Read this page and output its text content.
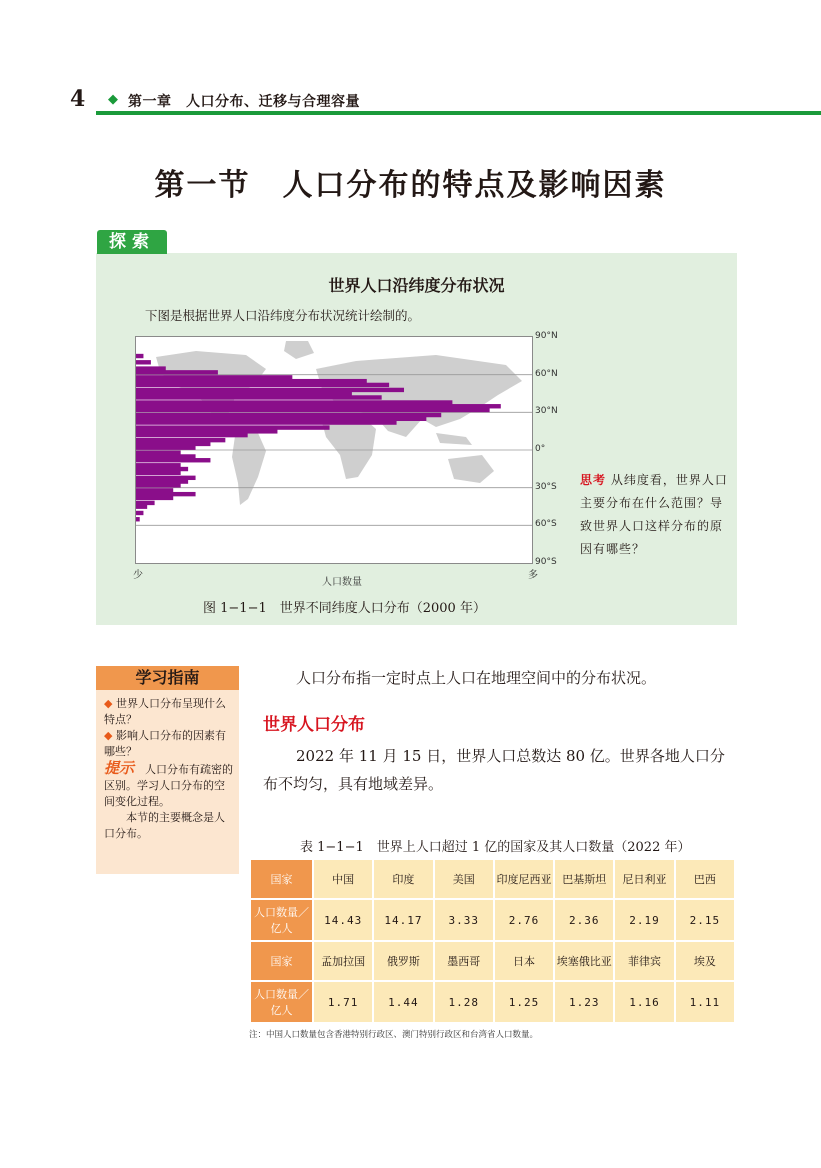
4 ◆ 第一章　人口分布、迁移与合理容量
第一节　人口分布的特点及影响因素
探索
世界人口沿纬度分布状况
下图是根据世界人口沿纬度分布状况统计绘制的。
90°N
60°N
30°N
0°
30°S
60°S
90°S
少
人口数量
多
图 1−1−1　世界不同纬度人口分布（2000 年）
思考 从纬度看，世界人口主要分布在什么范围？导致世界人口这样分布的原因有哪些？
学习指南
◆ 世界人口分布呈现什么特点？
◆ 影响人口分布的因素有哪些？
提示　 人口分布有疏密的区别。学习人口分布的空间变化过程。
本节的主要概念是人口分布。
人口分布指一定时点上人口在地理空间中的分布状况。
世界人口分布
2022 年 11 月 15 日，世界人口总数达 80 亿。世界各地人口分
布不均匀，具有地域差异。
表 1−1−1　世界上人口超过 1 亿的国家及其人口数量（2022 年）
国家	中国	印度	美国	印度尼西亚	巴基斯坦	尼日利亚	巴西
人口数量／亿人	14.43	14.17	3.33	2.76	2.36	2.19	2.15
国家	孟加拉国	俄罗斯	墨西哥	日本	埃塞俄比亚	菲律宾	埃及
人口数量／亿人	1.71	1.44	1.28	1.25	1.23	1.16	1.11
注：中国人口数量包含香港特别行政区、澳门特别行政区和台湾省人口数量。
